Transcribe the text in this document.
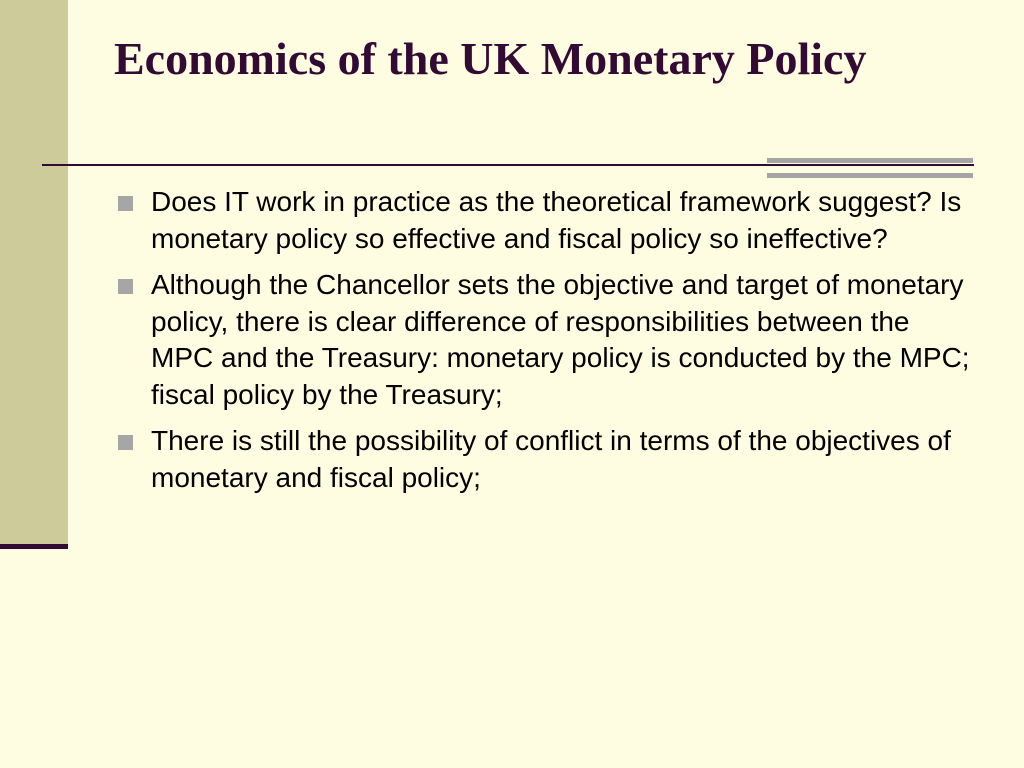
Economics of the UK Monetary Policy
Does IT work in practice as the theoretical framework suggest? Is monetary policy so effective and fiscal policy so ineffective?
Although the Chancellor sets the objective and target of monetary policy, there is clear difference of responsibilities between the MPC and the Treasury: monetary policy is conducted by the MPC; fiscal policy by the Treasury;
There is still the possibility of conflict in terms of the objectives of monetary and fiscal policy;
